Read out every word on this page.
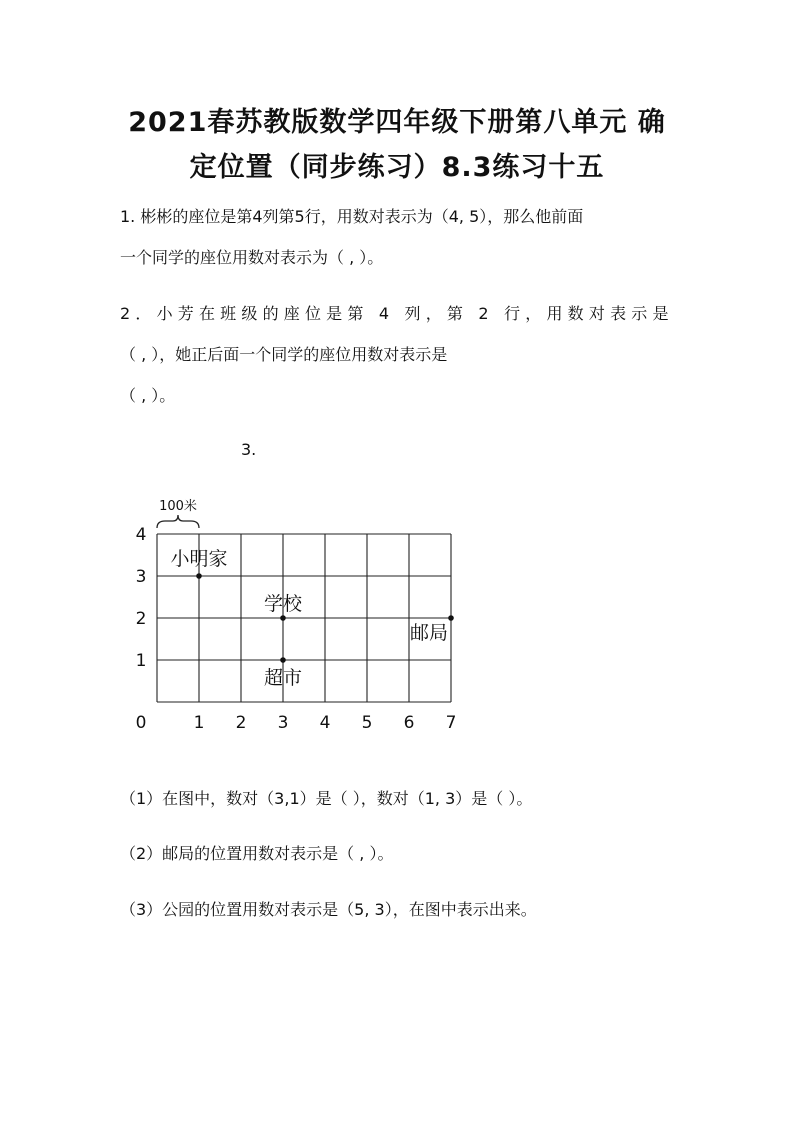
2021春苏教版数学四年级下册第八单元 确
定位置（同步练习）8.3练习十五
1. 彬彬的座位是第4列第5行，用数对表示为（4, 5），那么他前面
一个同学的座位用数对表示为（ , ）。
2．小芳在班级的座位是第 4 列，第 2 行，用数对表示是
（ , ），她正后面一个同学的座位用数对表示是
（ , ）。
3.
0	1 2 3 4 5 6 7
1
2
3
4
100米
小明家
学校
超市
邮局
（1）在图中，数对（3,1）是（ ），数对（1, 3）是（ ）。
（2）邮局的位置用数对表示是（ , ）。
（3）公园的位置用数对表示是（5, 3），在图中表示出来。
